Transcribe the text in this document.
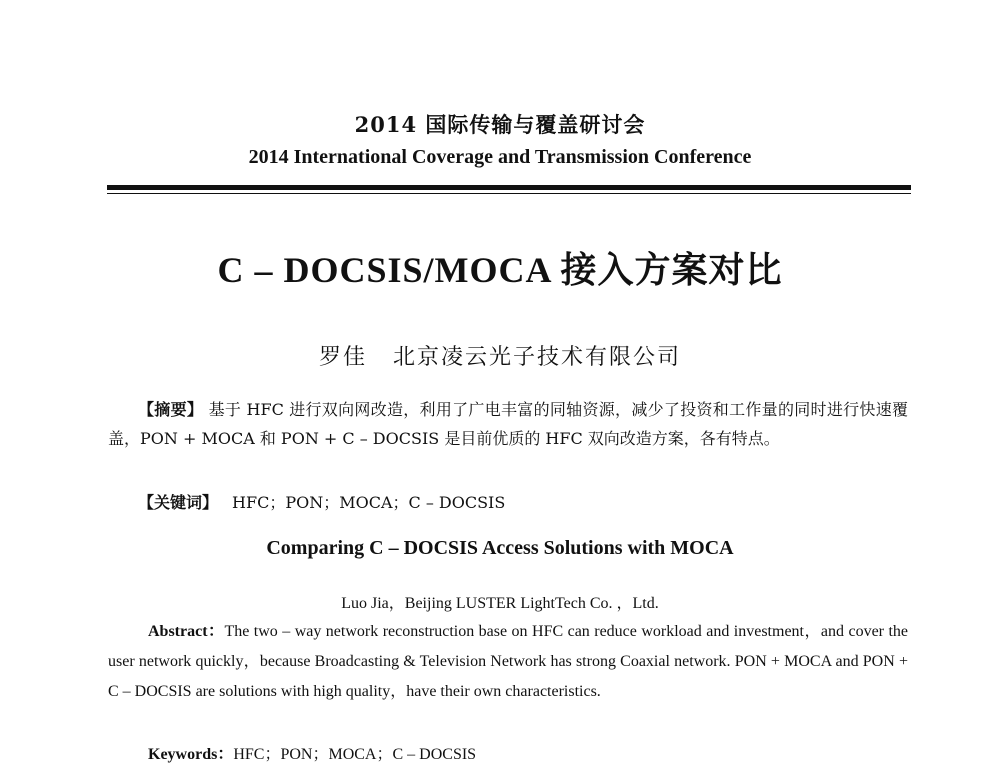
2014 国际传输与覆盖研讨会
2014 International Coverage and Transmission Conference
C – DOCSIS/MOCA 接入方案对比
罗佳 北京凌云光子技术有限公司
【摘要】 基于 HFC 进行双向网改造，利用了广电丰富的同轴资源，减少了投资和工作量的同时进行快速覆盖，PON + MOCA 和 PON + C – DOCSIS 是目前优质的 HFC 双向改造方案，各有特点。
【关键词】 HFC；PON；MOCA；C – DOCSIS
Comparing C – DOCSIS Access Solutions with MOCA
Luo Jia，Beijing LUSTER LightTech Co. ，Ltd.
Abstract：The two – way network reconstruction base on HFC can reduce workload and investment，and cover the user network quickly，because Broadcasting & Television Network has strong Coaxial network. PON + MOCA and PON + C – DOCSIS are solutions with high quality，have their own characteristics.
Keywords：HFC；PON；MOCA；C – DOCSIS
